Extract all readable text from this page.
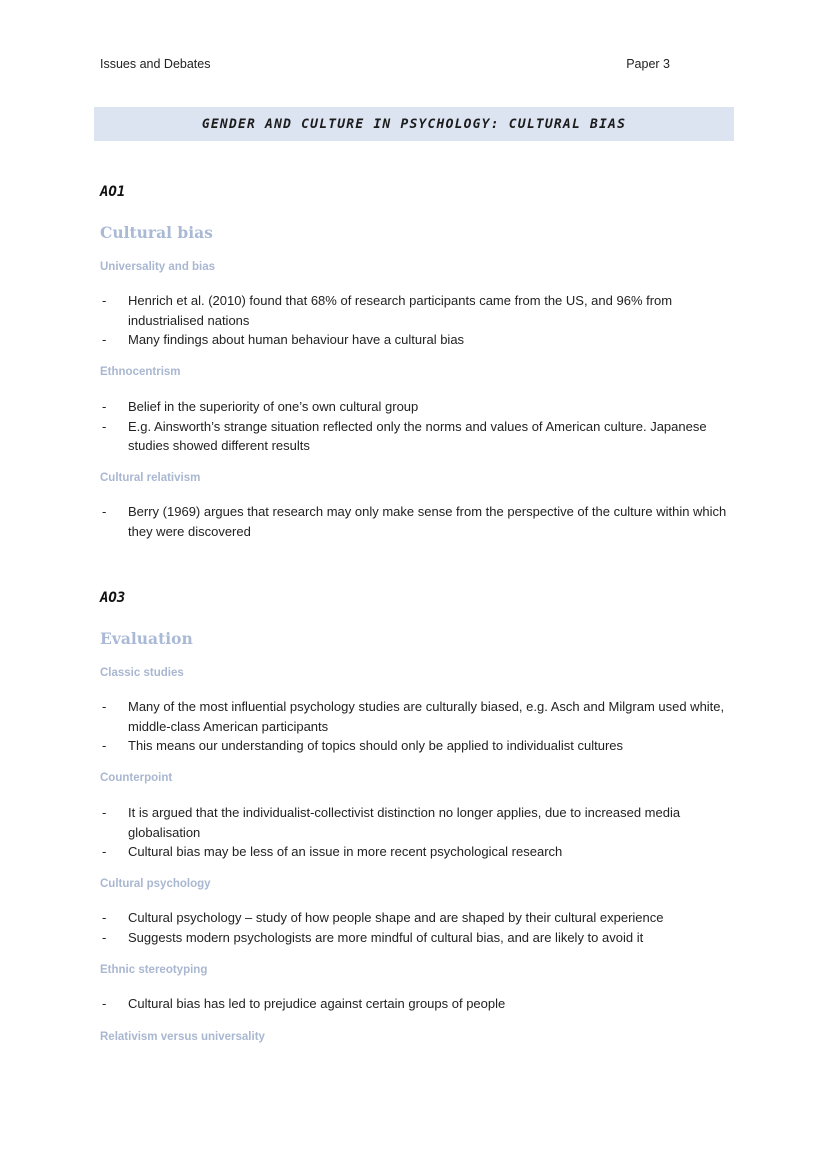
Issues and Debates	Paper 3
GENDER AND CULTURE IN PSYCHOLOGY: CULTURAL BIAS
AO1
Cultural bias
Universality and bias
- Henrich et al. (2010) found that 68% of research participants came from the US, and 96% from industrialised nations
- Many findings about human behaviour have a cultural bias
Ethnocentrism
- Belief in the superiority of one’s own cultural group
- E.g. Ainsworth’s strange situation reflected only the norms and values of American culture. Japanese studies showed different results
Cultural relativism
- Berry (1969) argues that research may only make sense from the perspective of the culture within which they were discovered
AO3
Evaluation
Classic studies
- Many of the most influential psychology studies are culturally biased, e.g. Asch and Milgram used white, middle-class American participants
- This means our understanding of topics should only be applied to individualist cultures
Counterpoint
- It is argued that the individualist-collectivist distinction no longer applies, due to increased media globalisation
- Cultural bias may be less of an issue in more recent psychological research
Cultural psychology
- Cultural psychology – study of how people shape and are shaped by their cultural experience
- Suggests modern psychologists are more mindful of cultural bias, and are likely to avoid it
Ethnic stereotyping
- Cultural bias has led to prejudice against certain groups of people
Relativism versus universality
